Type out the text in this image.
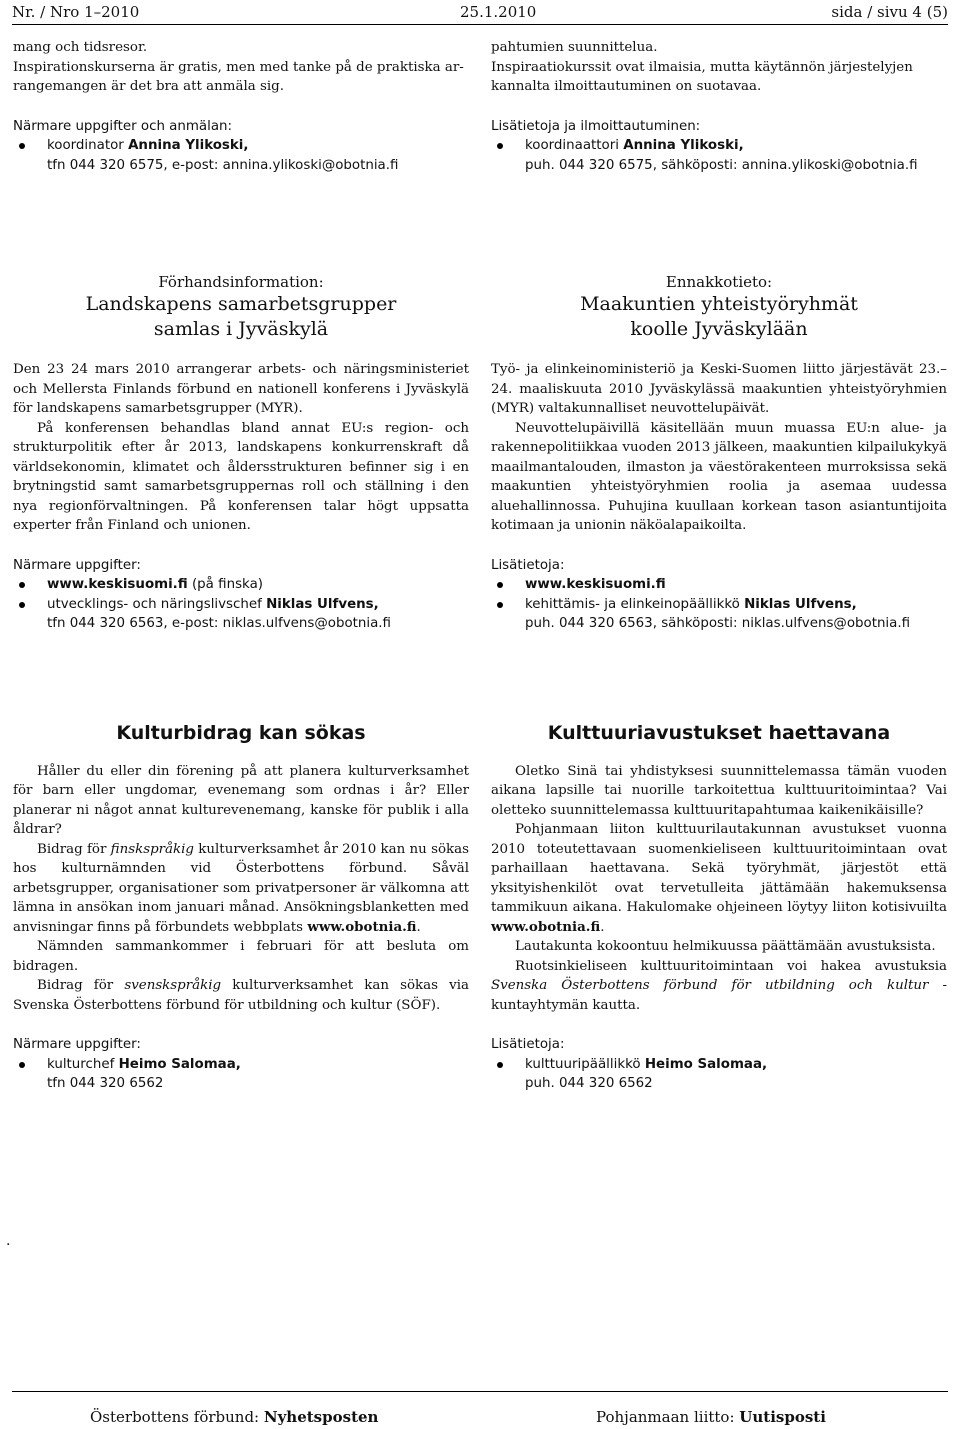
Nr. / Nro 1–2010	25.1.2010	sida / sivu 4 (5)

mang och tidsresor.

Inspirationskurserna är gratis, men med tanke på de praktiska ar-

rangemangen är det bra att anmäla sig.

Närmare uppgifter och anmälan:

koordinator Annina Ylikoski,
tfn 044 320 6575, e-post: annina.ylikoski@obotnia.fi

pahtumien suunnittelua.

Inspiraatiokurssit ovat ilmaisia, mutta käytännön järjestelyjen

kannalta ilmoittautuminen on suotavaa.

Lisätietoja ja ilmoittautuminen:

koordinaattori Annina Ylikoski,
puh. 044 320 6575, sähköposti: annina.ylikoski@obotnia.fi

Förhandsinformation:

Landskapens samarbetsgrupper

samlas i Jyväskylä

Den 23 24 mars 2010 arrangerar arbets- och näringsministeriet och Mellersta Finlands förbund en nationell konferens i Jyväskylä för landskapens samarbetsgrupper (MYR).

På konferensen behandlas bland annat EU:s region- och strukturpolitik efter år 2013, landskapens konkurrenskraft då världsekonomin, klimatet och åldersstrukturen befinner sig i en brytningstid samt samarbetsgruppernas roll och ställning i den nya regionförvaltningen. På konferensen talar högt uppsatta experter från Finland och unionen.

Närmare uppgifter:

www.keskisuomi.fi (på finska)
utvecklings- och näringslivschef Niklas Ulfvens,
tfn 044 320 6563, e-post: niklas.ulfvens@obotnia.fi

Ennakkotieto:

Maakuntien yhteistyöryhmät

koolle Jyväskylään

Työ- ja elinkeinoministeriö ja Keski-Suomen liitto järjestävät 23.–24. maaliskuuta 2010 Jyväskylässä maakuntien yhteistyöryhmien (MYR) valtakunnalliset neuvottelupäivät.

Neuvottelupäivillä käsitellään muun muassa EU:n alue- ja rakennepolitiikkaa vuoden 2013 jälkeen, maakuntien kilpailukykyä maailmantalouden, ilmaston ja väestörakenteen murroksissa sekä maakuntien yhteistyöryhmien roolia ja asemaa uudessa aluehallinnossa. Puhujina kuullaan korkean tason asiantuntijoita kotimaan ja unionin näköalapaikoilta.

Lisätietoja:

www.keskisuomi.fi
kehittämis- ja elinkeinopäällikkö Niklas Ulfvens,
puh. 044 320 6563, sähköposti: niklas.ulfvens@obotnia.fi

Kulturbidrag kan sökas

Håller du eller din förening på att planera kulturverksamhet för barn eller ungdomar, evenemang som ordnas i år? Eller planerar ni något annat kulturevenemang, kanske för publik i alla åldrar?

Bidrag för finskspråkig kulturverksamhet år 2010 kan nu sökas hos kulturnämnden vid Österbottens förbund. Såväl arbetsgrupper, organisationer som privatpersoner är välkomna att lämna in ansökan inom januari månad. Ansökningsblanketten med anvisningar finns på förbundets webbplats www.obotnia.fi.

Nämnden sammankommer i februari för att besluta om bidragen.

Bidrag för svenskspråkig kulturverksamhet kan sökas via Svenska Österbottens förbund för utbildning och kultur (SÖF).

Närmare uppgifter:

kulturchef Heimo Salomaa,
tfn 044 320 6562

Kulttuuriavustukset haettavana

Oletko Sinä tai yhdistyksesi suunnittelemassa tämän vuoden aikana lapsille tai nuorille tarkoitettua kulttuuritoimintaa? Vai oletteko suunnittelemassa kulttuuritapahtumaa kaikenikäisille?

Pohjanmaan liiton kulttuurilautakunnan avustukset vuonna 2010 toteutettavaan suomenkieliseen kulttuuritoimintaan ovat parhaillaan haettavana. Sekä työryhmät, järjestöt että yksityishenkilöt ovat tervetulleita jättämään hakemuksensa tammikuun aikana. Hakulomake ohjeineen löytyy liiton kotisivuilta www.obotnia.fi.

Lautakunta kokoontuu helmikuussa päättämään avustuksista.

Ruotsinkieliseen kulttuuritoimintaan voi hakea avustuksia Svenska Österbottens förbund för utbildning och kultur -kuntayhtymän kautta.

Lisätietoja:

kulttuuripäällikkö Heimo Salomaa,
puh. 044 320 6562
.
Österbottens förbund: Nyhetsposten	Pohjanmaan liitto: Uutisposti
